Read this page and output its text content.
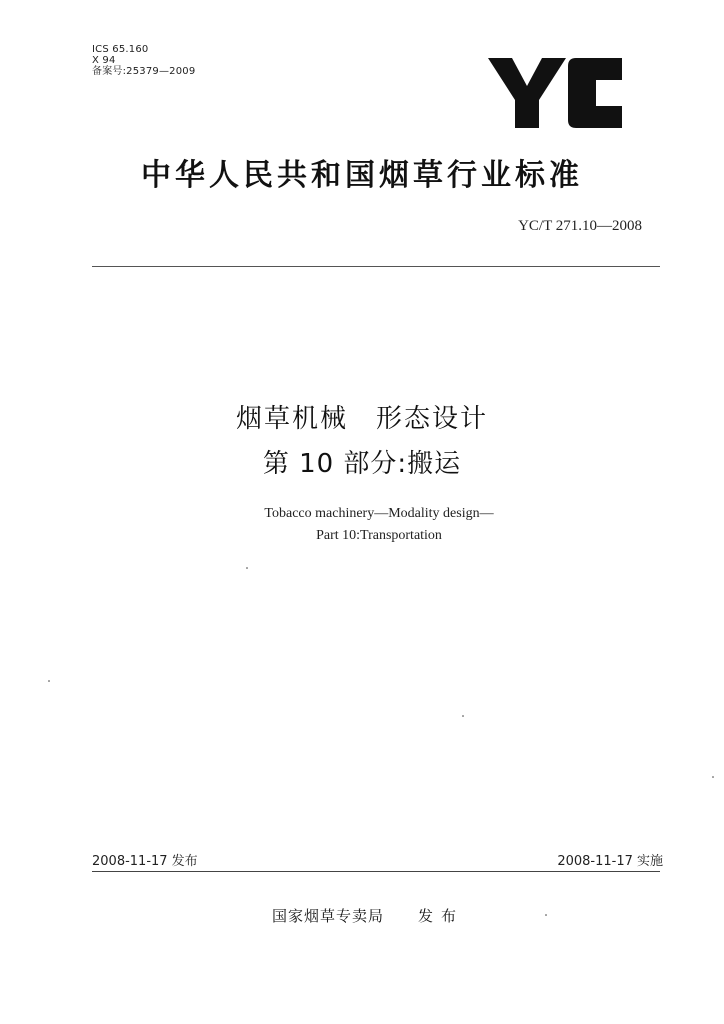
ICS 65.160
X 94
备案号:25379—2009
中华人民共和国烟草行业标准
YC/T 271.10—2008
烟草机械　形态设计
第 10 部分:搬运
Tobacco machinery—Modality design—
Part 10:Transportation
2008-11-17 发布	2008-11-17 实施
国家烟草专卖局 发布
